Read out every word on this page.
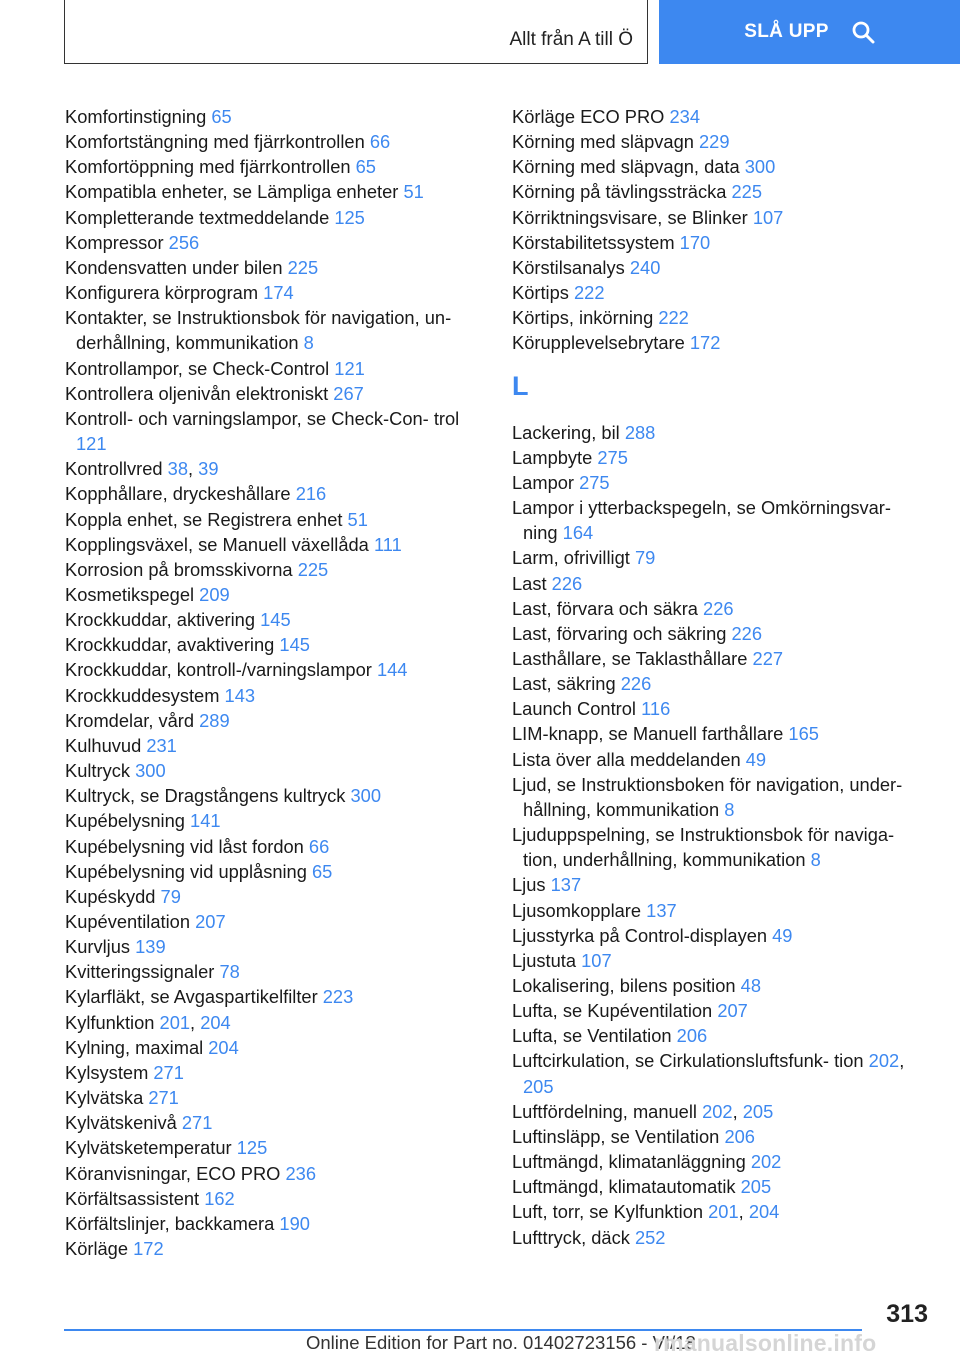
Allt från A till Ö	SLÅ UPP
Komfortinstigning 65
Komfortstängning med fjärrkontrollen 66
Komfortöppning med fjärrkontrollen 65
Kompatibla enheter, se Lämpliga enheter 51
Kompletterande textmeddelande 125
Kompressor 256
Kondensvatten under bilen 225
Konfigurera körprogram 174
Kontakter, se Instruktionsbok för navigation, un‐ derhållning, kommunikation 8
Kontrollampor, se Check-Control 121
Kontrollera oljenivån elektroniskt 267
Kontroll- och varningslampor, se Check-Con‐ trol 121
Kontrollvred 38, 39
Kopphållare, dryckeshållare 216
Koppla enhet, se Registrera enhet 51
Kopplingsväxel, se Manuell växellåda 111
Korrosion på bromsskivorna 225
Kosmetikspegel 209
Krockkuddar, aktivering 145
Krockkuddar, avaktivering 145
Krockkuddar, kontroll-/varningslampor 144
Krockkuddesystem 143
Kromdelar, vård 289
Kulhuvud 231
Kultryck 300
Kultryck, se Dragstångens kultryck 300
Kupébelysning 141
Kupébelysning vid låst fordon 66
Kupébelysning vid upplåsning 65
Kupéskydd 79
Kupéventilation 207
Kurvljus 139
Kvitteringssignaler 78
Kylarfläkt, se Avgaspartikelfilter 223
Kylfunktion 201, 204
Kylning, maximal 204
Kylsystem 271
Kylvätska 271
Kylvätskenivå 271
Kylvätsketemperatur 125
Köranvisningar, ECO PRO 236
Körfältsassistent 162
Körfältslinjer, backkamera 190
Körläge 172
Körläge ECO PRO 234
Körning med släpvagn 229
Körning med släpvagn, data 300
Körning på tävlingssträcka 225
Körriktningsvisare, se Blinker 107
Körstabilitetssystem 170
Körstilsanalys 240
Körtips 222
Körtips, inkörning 222
Körupplevelsebrytare 172
L
Lackering, bil 288
Lampbyte 275
Lampor 275
Lampor i ytterbackspegeln, se Omkörningsvar‐ ning 164
Larm, ofrivilligt 79
Last 226
Last, förvara och säkra 226
Last, förvaring och säkring 226
Lasthållare, se Taklasthållare 227
Last, säkring 226
Launch Control 116
LIM-knapp, se Manuell farthållare 165
Lista över alla meddelanden 49
Ljud, se Instruktionsboken för navigation, under‐ hållning, kommunikation 8
Ljuduppspelning, se Instruktionsbok för naviga‐ tion, underhållning, kommunikation 8
Ljus 137
Ljusomkopplare 137
Ljusstyrka på Control-displayen 49
Ljustuta 107
Lokalisering, bilens position 48
Lufta, se Kupéventilation 207
Lufta, se Ventilation 206
Luftcirkulation, se Cirkulationsluftsfunk‐ tion 202, 205
Luftfördelning, manuell 202, 205
Luftinsläpp, se Ventilation 206
Luftmängd, klimatanläggning 202
Luftmängd, klimatautomatik 205
Luft, torr, se Kylfunktion 201, 204
Lufttryck, däck 252
313
Online Edition for Part no. 01402723156 - VI/18
rmanualsonline.info
